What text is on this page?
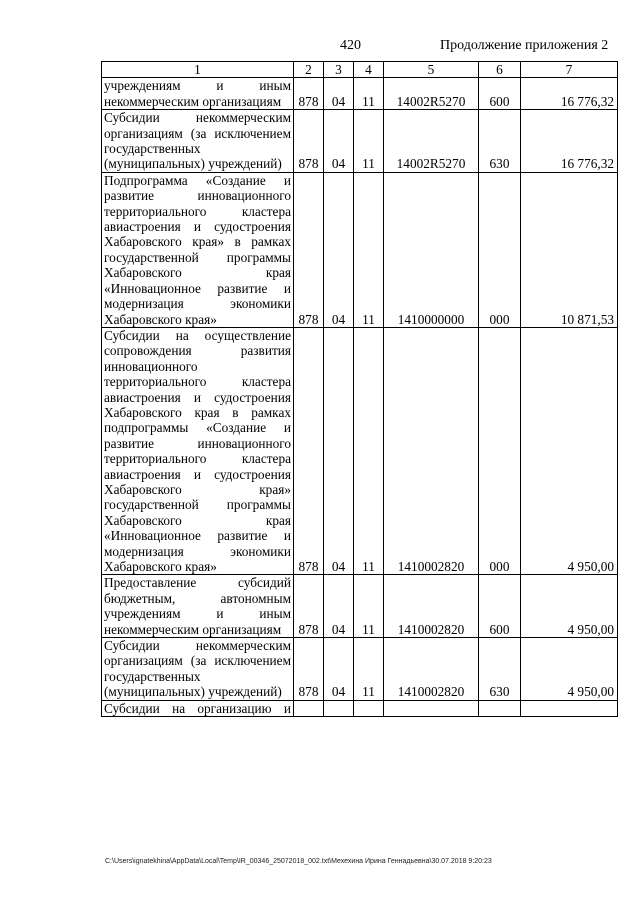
420	Продолжение приложения 2
1	2	3	4	5	6	7
учреждениям и иным некоммерческим организациям	878	04	11	14002R5270	600	16 776,32
Субсидии некоммерческим организациям (за исключением государственных (муниципальных) учреждений)	878	04	11	14002R5270	630	16 776,32
Подпрограмма «Создание и развитие инновационного территориального кластера авиастроения и судостроения Хабаровского края» в рамках государственной программы Хабаровского края «Инновационное развитие и модернизация экономики Хабаровского края»	878	04	11	1410000000	000	10 871,53
Субсидии на осуществление сопровождения развития инновационного территориального кластера авиастроения и судостроения Хабаровского края в рамках подпрограммы «Создание и развитие инновационного территориального кластера авиастроения и судостроения Хабаровского края» государственной программы Хабаровского края «Инновационное развитие и модернизация экономики Хабаровского края»	878	04	11	1410002820	000	4 950,00
Предоставление субсидий бюджетным, автономным учреждениям и иным некоммерческим организациям	878	04	11	1410002820	600	4 950,00
Субсидии некоммерческим организациям (за исключением государственных (муниципальных) учреждений)	878	04	11	1410002820	630	4 950,00
Субсидии на организацию и						
C:\Users\ignatekhina\AppData\Local\Temp\IR_00346_25072018_002.txt\Мехехина Ирина Геннадьевна\30.07.2018 9:20:23
